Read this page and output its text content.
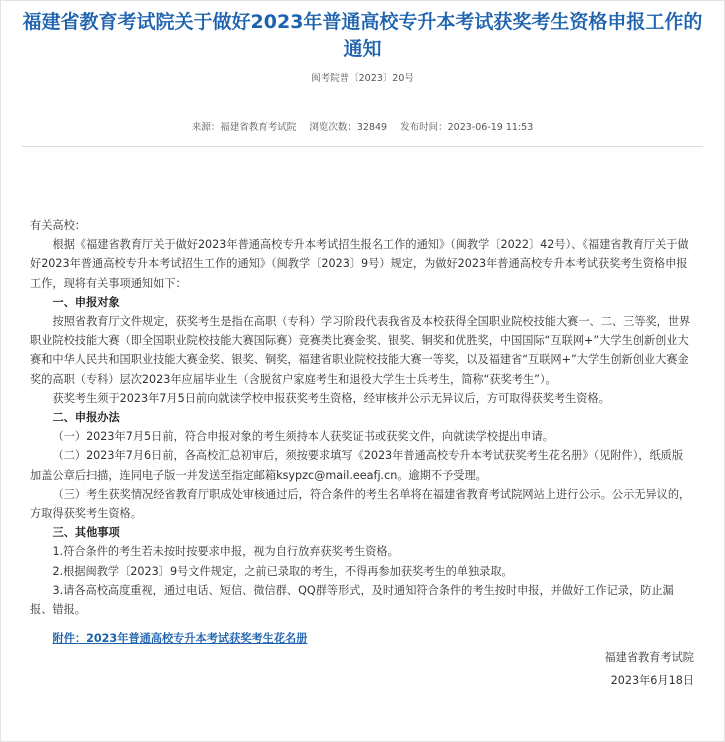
福建省教育考试院关于做好2023年普通高校专升本考试获奖考生资格申报工作的通知
闽考院普〔2023〕20号
来源：福建省教育考试院 浏览次数：32849 发布时间：2023-06-19 11:53

有关高校：

根据《福建省教育厅关于做好2023年普通高校专升本考试招生报名工作的通知》（闽教学〔2022〕42号）、《福建省教育厅关于做好2023年普通高校专升本考试招生工作的通知》（闽教学〔2023〕9号）规定，为做好2023年普通高校专升本考试获奖考生资格申报工作，现将有关事项通知如下：

一、申报对象

按照省教育厅文件规定，获奖考生是指在高职（专科）学习阶段代表我省及本校获得全国职业院校技能大赛一、二、三等奖，世界职业院校技能大赛（即全国职业院校技能大赛国际赛）竞赛类比赛金奖、银奖、铜奖和优胜奖，中国国际“互联网+”大学生创新创业大赛和中华人民共和国职业技能大赛金奖、银奖、铜奖，福建省职业院校技能大赛一等奖，以及福建省“互联网+”大学生创新创业大赛金奖的高职（专科）层次2023年应届毕业生（含脱贫户家庭考生和退役大学生士兵考生，简称“获奖考生”）。

获奖考生须于2023年7月5日前向就读学校申报获奖考生资格，经审核并公示无异议后，方可取得获奖考生资格。

二、申报办法

（一）2023年7月5日前，符合申报对象的考生须持本人获奖证书或获奖文件，向就读学校提出申请。

（二）2023年7月6日前，各高校汇总初审后，须按要求填写《2023年普通高校专升本考试获奖考生花名册》（见附件），纸质版加盖公章后扫描，连同电子版一并发送至指定邮箱ksypzc@mail.eeafj.cn。逾期不予受理。

（三）考生获奖情况经省教育厅职成处审核通过后，符合条件的考生名单将在福建省教育考试院网站上进行公示。公示无异议的，方取得获奖考生资格。

三、其他事项

1.符合条件的考生若未按时按要求申报，视为自行放弃获奖考生资格。

2.根据闽教学〔2023〕9号文件规定，之前已录取的考生，不得再参加获奖考生的单独录取。

3.请各高校高度重视，通过电话、短信、微信群、QQ群等形式，及时通知符合条件的考生按时申报，并做好工作记录，防止漏报、错报。

附件：2023年普通高校专升本考试获奖考生花名册

福建省教育考试院

2023年6月18日
